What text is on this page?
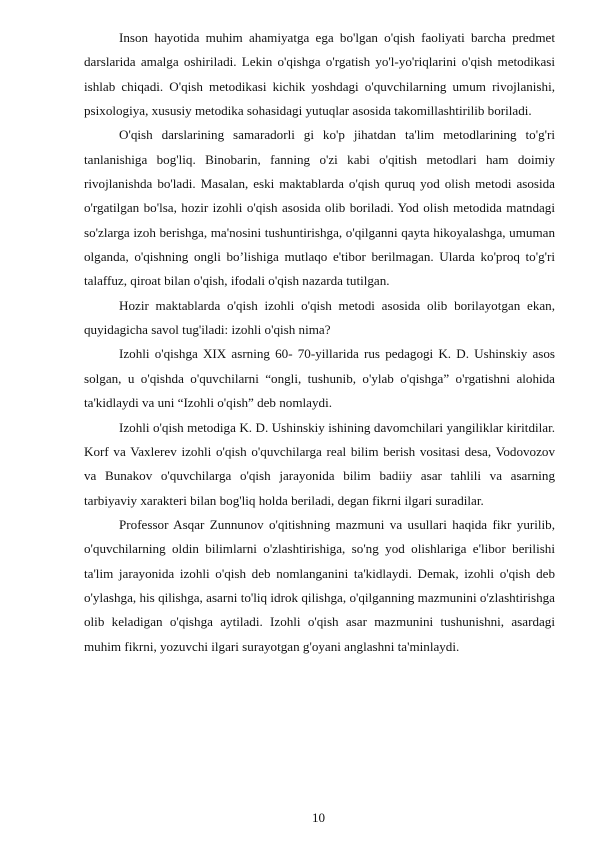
Inson hayotida muhim ahamiyatga ega bo'lgan o'qish faoliyati barcha predmet darslarida amalga oshiriladi. Lekin o'qishga o'rgatish yo'l-yo'riqlarini o'qish metodikasi ishlab chiqadi. O'qish metodikasi kichik yoshdagi o'quvchilarning umum rivojlanishi, psixologiya, xususiy metodika sohasidagi yutuqlar asosida takomillashtirilib boriladi.

O'qish darslarining samaradorli gi ko'p jihatdan ta'lim metodlarining to'g'ri tanlanishiga bog'liq. Binobarin, fanning o'zi kabi o'qitish metodlari ham doimiy rivojlanishda bo'ladi. Masalan, eski maktablarda o'qish quruq yod olish metodi asosida o'rgatilgan bo'lsa, hozir izohli o'qish asosida olib boriladi. Yod olish metodida matndagi so'zlarga izoh berishga, ma'nosini tushuntirishga, o'qilganni qayta hikoyalashga, umuman olganda, o'qishning ongli bo’lishiga mutlaqo e'tibor berilmagan. Ularda ko'proq to'g'ri talaffuz, qiroat bilan o'qish, ifodali o'qish nazarda tutilgan.

Hozir maktablarda o'qish izohli o'qish metodi asosida olib borilayotgan ekan, quyidagicha savol tug'iladi: izohli o'qish nima?

Izohli o'qishga XIX asrning 60- 70-yillarida rus pedagogi K. D. Ushinskiy asos solgan, u o'qishda o'quvchilarni “ongli, tushunib, o'ylab o'qishga” o'rgatishni alohida ta'kidlaydi va uni “Izohli o'qish” deb nomlaydi.

Izohli o'qish metodiga K. D. Ushinskiy ishining davomchilari yangiliklar kiritdilar. Korf va Vaxlerev izohli o'qish o'quvchilarga real bilim berish vositasi desa, Vodovozov va Bunakov o'quvchilarga o'qish jarayonida bilim badiiy asar tahlili va asarning tarbiyaviy xarakteri bilan bog'liq holda beriladi, degan fikrni ilgari suradilar.

Professor Asqar Zunnunov o'qitishning mazmuni va usullari haqida fikr yurilib, o'quvchilarning oldin bilimlarni o'zlashtirishiga, so'ng yod olishlariga e'libor berilishi ta'lim jarayonida izohli o'qish deb nomlanganini ta'kidlaydi. Demak, izohli o'qish deb o'ylashga, his qilishga, asarni to'liq idrok qilishga, o'qilganning mazmunini o'zlashtirishga olib keladigan o'qishga aytiladi. Izohli o'qish asar mazmunini tushunishni, asardagi muhim fikrni, yozuvchi ilgari surayotgan g'oyani anglashni ta'minlaydi.

10
